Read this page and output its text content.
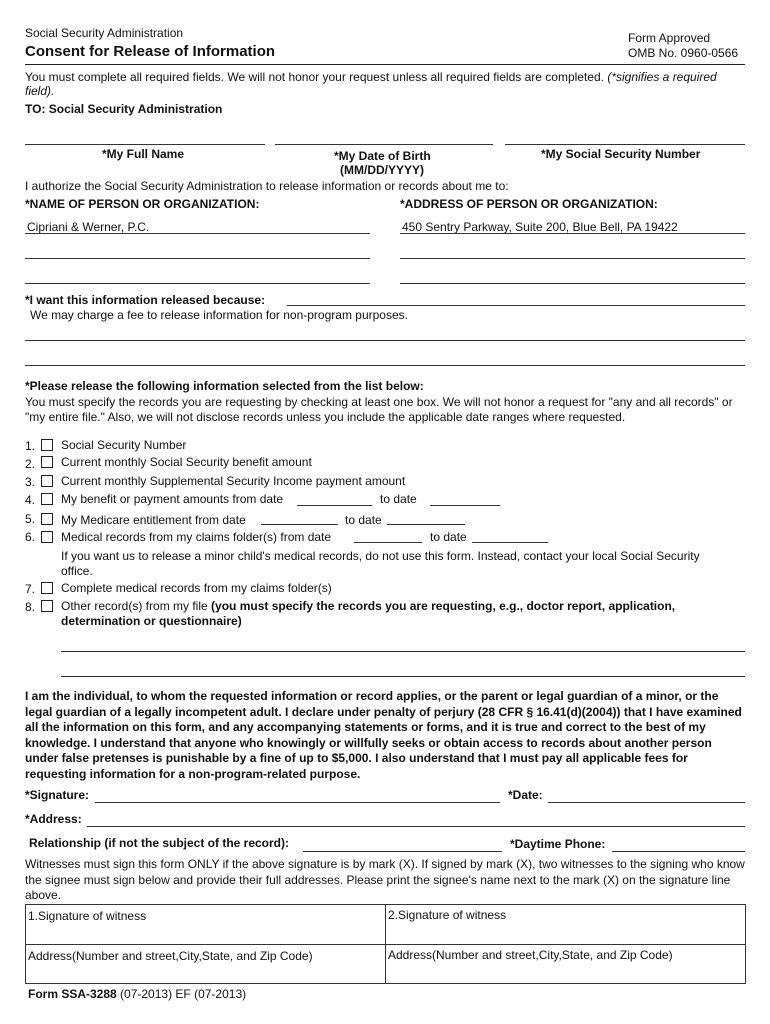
Social Security Administration
Consent for Release of Information
Form Approved
OMB No. 0960-0566
You must complete all required fields. We will not honor your request unless all required fields are completed. (*signifies a required field).
TO: Social Security Administration
*My Full Name	*My Date of Birth
(MM/DD/YYYY)
*My Social Security Number
I authorize the Social Security Administration to release information or records about me to:
*NAME OF PERSON OR ORGANIZATION:	*ADDRESS OF PERSON OR ORGANIZATION:
Cipriani & Werner, P.C.	450 Sentry Parkway, Suite 200, Blue Bell, PA 19422
*I want this information released because:
We may charge a fee to release information for non-program purposes.
*Please release the following information selected from the list below:
You must specify the records you are requesting by checking at least one box. We will not honor a request for "any and all records" or "my entire file." Also, we will not disclose records unless you include the applicable date ranges where requested.
1. Social Security Number
2. Current monthly Social Security benefit amount
3. Current monthly Supplemental Security Income payment amount
4. My benefit or payment amounts from date	to date
5. My Medicare entitlement from date	to date
6. Medical records from my claims folder(s) from date	to date
If you want us to release a minor child's medical records, do not use this form. Instead, contact your local Social Security office.
7. Complete medical records from my claims folder(s)
8. Other record(s) from my file (you must specify the records you are requesting, e.g., doctor report, application, determination or questionnaire)
I am the individual, to whom the requested information or record applies, or the parent or legal guardian of a minor, or the legal guardian of a legally incompetent adult. I declare under penalty of perjury (28 CFR § 16.41(d)(2004)) that I have examined all the information on this form, and any accompanying statements or forms, and it is true and correct to the best of my knowledge. I understand that anyone who knowingly or willfully seeks or obtain access to records about another person under false pretenses is punishable by a fine of up to $5,000. I also understand that I must pay all applicable fees for requesting information for a non-program-related purpose.
*Signature:	*Date:
*Address:
Relationship (if not the subject of the record):	*Daytime Phone:
Witnesses must sign this form ONLY if the above signature is by mark (X). If signed by mark (X), two witnesses to the signing who know the signee must sign below and provide their full addresses. Please print the signee's name next to the mark (X) on the signature line above.
1.Signature of witness	2.Signature of witness
Address(Number and street,City,State, and Zip Code)	Address(Number and street,City,State, and Zip Code)
Form SSA-3288 (07-2013) EF (07-2013)
